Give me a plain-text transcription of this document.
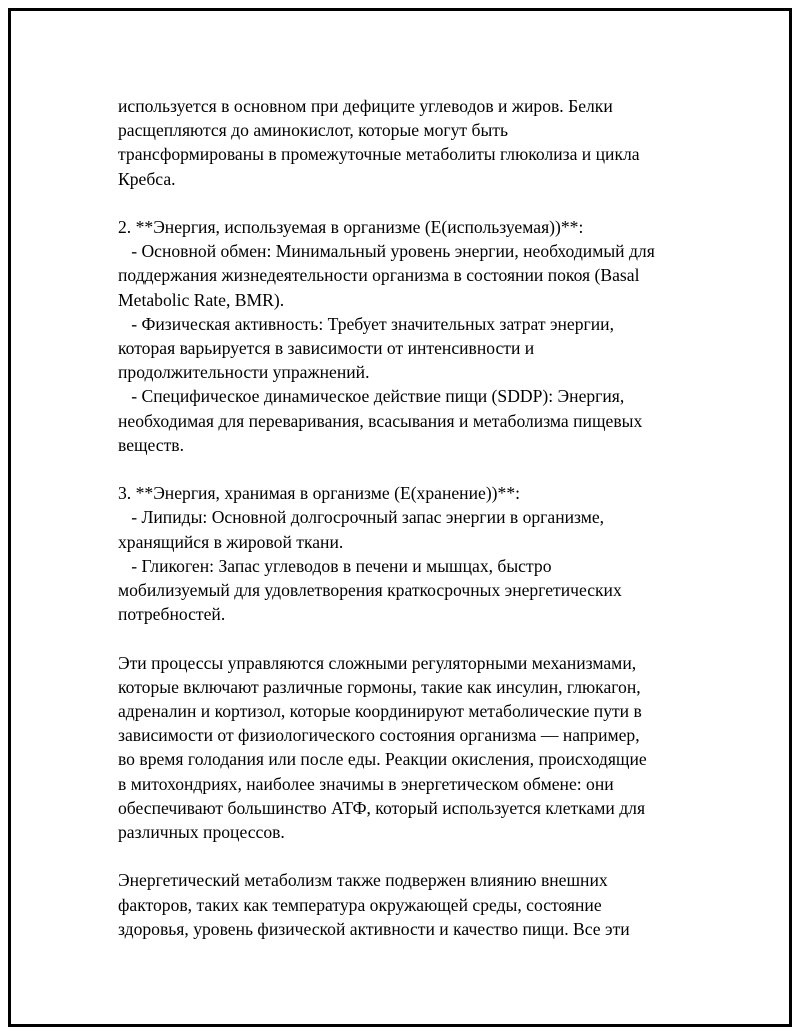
используется в основном при дефиците углеводов и жиров. Белки
расщепляются до аминокислот, которые могут быть
трансформированы в промежуточные метаболиты глюколиза и цикла
Кребса.

2. **Энергия, используемая в организме (E(используемая))**:
- Основной обмен: Минимальный уровень энергии, необходимый для
поддержания жизнедеятельности организма в состоянии покоя (Basal
Metabolic Rate, BMR).
- Физическая активность: Требует значительных затрат энергии,
которая варьируется в зависимости от интенсивности и
продолжительности упражнений.
- Специфическое динамическое действие пищи (SDDP): Энергия,
необходимая для переваривания, всасывания и метаболизма пищевых
веществ.

3. **Энергия, хранимая в организме (E(хранение))**:
- Липиды: Основной долгосрочный запас энергии в организме,
хранящийся в жировой ткани.
- Гликоген: Запас углеводов в печени и мышцах, быстро
мобилизуемый для удовлетворения краткосрочных энергетических
потребностей.

Эти процессы управляются сложными регуляторными механизмами,
которые включают различные гормоны, такие как инсулин, глюкагон,
адреналин и кортизол, которые координируют метаболические пути в
зависимости от физиологического состояния организма — например,
во время голодания или после еды. Реакции окисления, происходящие
в митохондриях, наиболее значимы в энергетическом обмене: они
обеспечивают большинство АТФ, который используется клетками для
различных процессов.

Энергетический метаболизм также подвержен влиянию внешних
факторов, таких как температура окружающей среды, состояние
здоровья, уровень физической активности и качество пищи. Все эти
